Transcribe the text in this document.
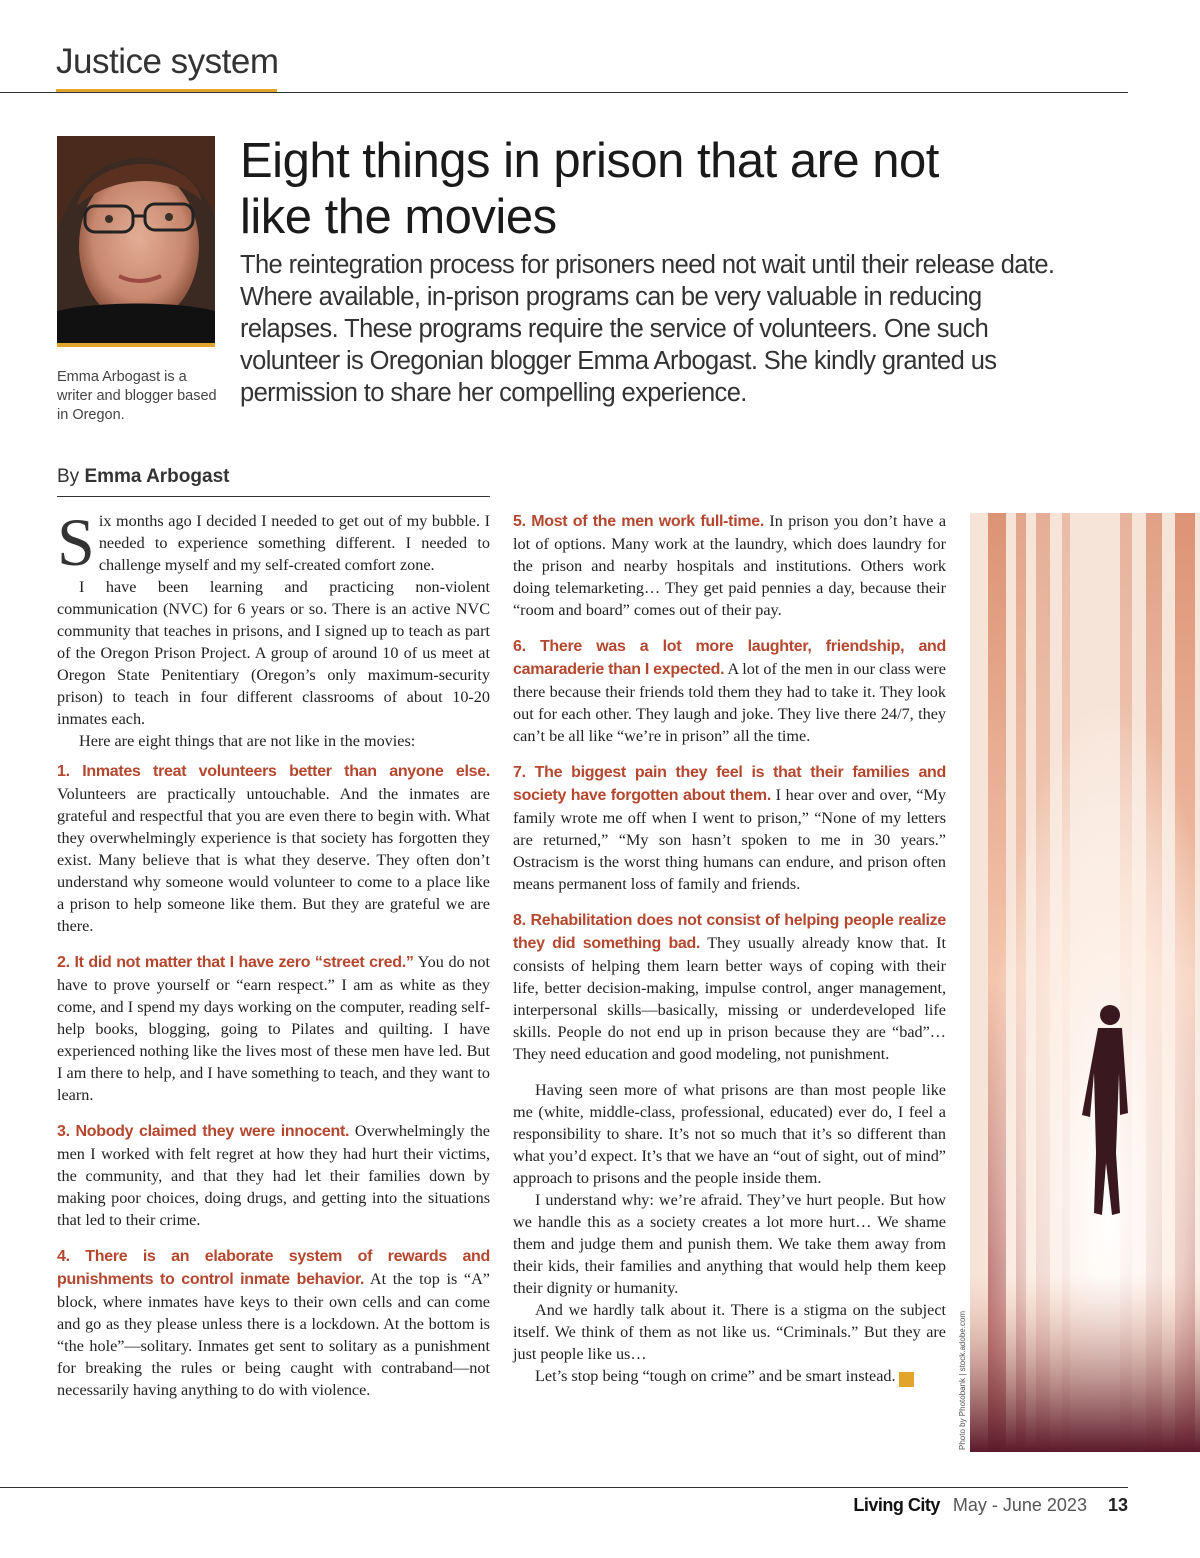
Justice system
Emma Arbogast is a writer and blogger based in Oregon.
Eight things in prison that are not like the movies
The reintegration process for prisoners need not wait until their release date. Where available, in-prison programs can be very valuable in reducing relapses. These programs require the service of volunteers. One such volunteer is Oregonian blogger Emma Arbogast. She kindly granted us permission to share her compelling experience.
By Emma Arbogast

Six months ago I decided I needed to get out of my bubble. I needed to experience something different. I needed to challenge myself and my self-created comfort zone.

I have been learning and practicing non-violent communication (NVC) for 6 years or so. There is an active NVC community that teaches in prisons, and I signed up to teach as part of the Oregon Prison Project. A group of around 10 of us meet at Oregon State Penitentiary (Oregon’s only maximum-security prison) to teach in four different classrooms of about 10-20 inmates each.

Here are eight things that are not like in the movies:

1. Inmates treat volunteers better than anyone else. Volunteers are practically untouchable. And the inmates are grateful and respectful that you are even there to begin with. What they overwhelmingly experience is that society has forgotten they exist. Many believe that is what they deserve. They often don’t understand why someone would volunteer to come to a place like a prison to help someone like them. But they are grateful we are there.

2. It did not matter that I have zero “street cred.” You do not have to prove yourself or “earn respect.” I am as white as they come, and I spend my days working on the computer, reading self-help books, blogging, going to Pilates and quilting. I have experienced nothing like the lives most of these men have led. But I am there to help, and I have something to teach, and they want to learn.

3. Nobody claimed they were innocent. Overwhelmingly the men I worked with felt regret at how they had hurt their victims, the community, and that they had let their families down by making poor choices, doing drugs, and getting into the situations that led to their crime.

4. There is an elaborate system of rewards and punishments to control inmate behavior. At the top is “A” block, where inmates have keys to their own cells and can come and go as they please unless there is a lockdown. At the bottom is “the hole”—solitary. Inmates get sent to solitary as a punishment for breaking the rules or being caught with contraband—not necessarily having anything to do with violence.

5. Most of the men work full-time. In prison you don’t have a lot of options. Many work at the laundry, which does laundry for the prison and nearby hospitals and institutions. Others work doing telemarketing… They get paid pennies a day, because their “room and board” comes out of their pay.

6. There was a lot more laughter, friendship, and camaraderie than I expected. A lot of the men in our class were there because their friends told them they had to take it. They look out for each other. They laugh and joke. They live there 24/7, they can’t be all like “we’re in prison” all the time.

7. The biggest pain they feel is that their families and society have forgotten about them. I hear over and over, “My family wrote me off when I went to prison,” “None of my letters are returned,” “My son hasn’t spoken to me in 30 years.” Ostracism is the worst thing humans can endure, and prison often means permanent loss of family and friends.

8. Rehabilitation does not consist of helping people realize they did something bad. They usually already know that. It consists of helping them learn better ways of coping with their life, better decision-making, impulse control, anger management, interpersonal skills—basically, missing or underdeveloped life skills. People do not end up in prison because they are “bad”… They need education and good modeling, not punishment.

Having seen more of what prisons are than most people like me (white, middle-class, professional, educated) ever do, I feel a responsibility to share. It’s not so much that it’s so different than what you’d expect. It’s that we have an “out of sight, out of mind” approach to prisons and the people inside them.

I understand why: we’re afraid. They’ve hurt people. But how we handle this as a society creates a lot more hurt… We shame them and judge them and punish them. We take them away from their kids, their families and anything that would help them keep their dignity or humanity.

And we hardly talk about it. There is a stigma on the subject itself. We think of them as not like us. “Criminals.” But they are just people like us…

Let’s stop being “tough on crime” and be smart instead.	LC	Photo by Photobank | stock.adobe.com
Living City May - June 2023 13
